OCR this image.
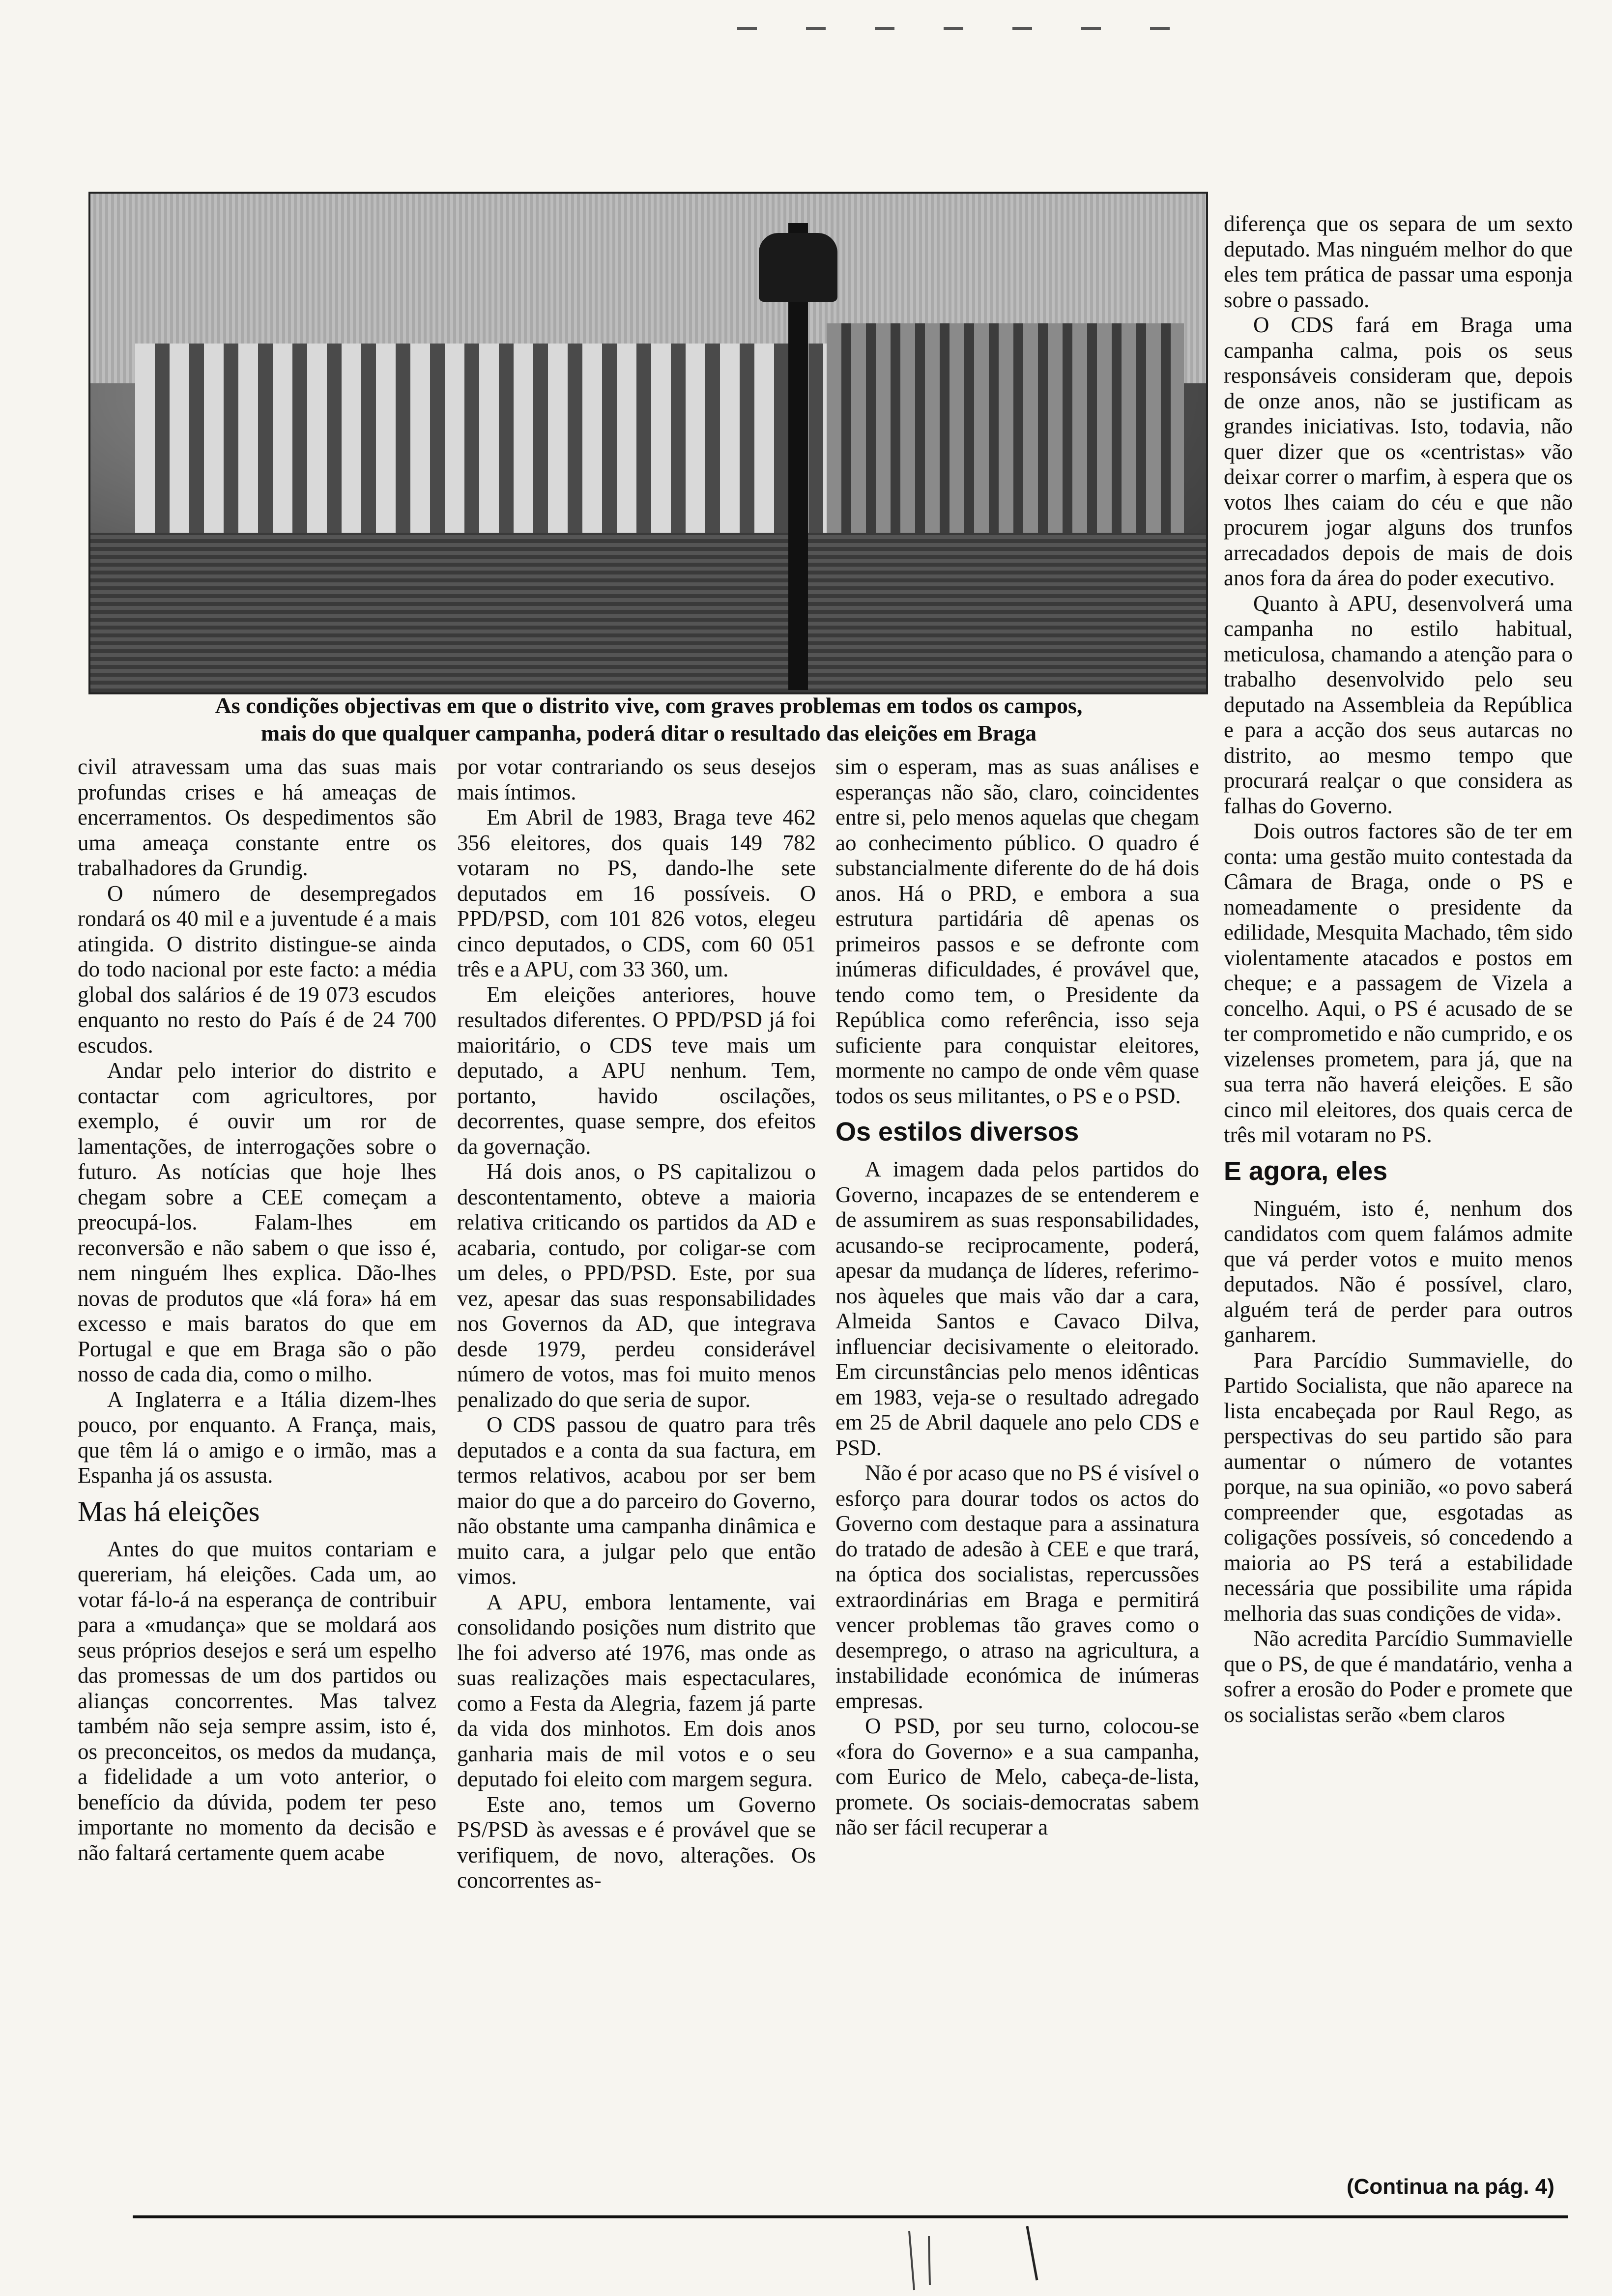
As condições objectivas em que o distrito vive, com graves problemas em todos os campos,
mais do que qualquer campanha, poderá ditar o resultado das eleições em Braga

civil atravessam uma das suas mais profundas crises e há ameaças de encerramentos. Os despedimentos são uma ameaça constante entre os trabalhadores da Grundig.

O número de desempregados rondará os 40 mil e a juventude é a mais atingida. O distrito distingue-se ainda do todo nacional por este facto: a média global dos salários é de 19 073 escudos enquanto no resto do País é de 24 700 escudos.

Andar pelo interior do distrito e contactar com agricultores, por exemplo, é ouvir um ror de lamentações, de interrogações sobre o futuro. As notícias que hoje lhes chegam sobre a CEE começam a preocupá-los. Falam-lhes em reconversão e não sabem o que isso é, nem ninguém lhes explica. Dão-lhes novas de produtos que «lá fora» há em excesso e mais baratos do que em Portugal e que em Braga são o pão nosso de cada dia, como o milho.

A Inglaterra e a Itália dizem-lhes pouco, por enquanto. A França, mais, que têm lá o amigo e o irmão, mas a Espanha já os assusta.

Mas há eleições

Antes do que muitos contariam e quereriam, há eleições. Cada um, ao votar fá-lo-á na esperança de contribuir para a «mudança» que se moldará aos seus próprios desejos e será um espelho das promessas de um dos partidos ou alianças concorrentes. Mas talvez também não seja sempre assim, isto é, os preconceitos, os medos da mudança, a fidelidade a um voto anterior, o benefício da dúvida, podem ter peso importante no momento da decisão e não faltará certamente quem acabe

por votar contrariando os seus desejos mais íntimos.

Em Abril de 1983, Braga teve 462 356 eleitores, dos quais 149 782 votaram no PS, dando-lhe sete deputados em 16 possíveis. O PPD/PSD, com 101 826 votos, elegeu cinco deputados, o CDS, com 60 051 três e a APU, com 33 360, um.

Em eleições anteriores, houve resultados diferentes. O PPD/PSD já foi maioritário, o CDS teve mais um deputado, a APU nenhum. Tem, portanto, havido oscilações, decorrentes, quase sempre, dos efeitos da governação.

Há dois anos, o PS capitalizou o descontentamento, obteve a maioria relativa criticando os partidos da AD e acabaria, contudo, por coligar-se com um deles, o PPD/PSD. Este, por sua vez, apesar das suas responsabilidades nos Governos da AD, que integrava desde 1979, perdeu considerável número de votos, mas foi muito menos penalizado do que seria de supor.

O CDS passou de quatro para três deputados e a conta da sua factura, em termos relativos, acabou por ser bem maior do que a do parceiro do Governo, não obstante uma campanha dinâmica e muito cara, a julgar pelo que então vimos.

A APU, embora lentamente, vai consolidando posições num distrito que lhe foi adverso até 1976, mas onde as suas realizações mais espectaculares, como a Festa da Alegria, fazem já parte da vida dos minhotos. Em dois anos ganharia mais de mil votos e o seu deputado foi eleito com margem segura.

Este ano, temos um Governo PS/PSD às avessas e é provável que se verifiquem, de novo, alterações. Os concorrentes as-

sim o esperam, mas as suas análises e esperanças não são, claro, coincidentes entre si, pelo menos aquelas que chegam ao conhecimento público. O quadro é substancialmente diferente do de há dois anos. Há o PRD, e embora a sua estrutura partidária dê apenas os primeiros passos e se defronte com inúmeras dificuldades, é provável que, tendo como tem, o Presidente da República como referência, isso seja suficiente para conquistar eleitores, mormente no campo de onde vêm quase todos os seus militantes, o PS e o PSD.

Os estilos diversos

A imagem dada pelos partidos do Governo, incapazes de se entenderem e de assumirem as suas responsabilidades, acusando-se reciprocamente, poderá, apesar da mudança de líderes, referimo-nos àqueles que mais vão dar a cara, Almeida Santos e Cavaco Dilva, influenciar decisivamente o eleitorado. Em circunstâncias pelo menos idênticas em 1983, veja-se o resultado adregado em 25 de Abril daquele ano pelo CDS e PSD.

Não é por acaso que no PS é visível o esforço para dourar todos os actos do Governo com destaque para a assinatura do tratado de adesão à CEE e que trará, na óptica dos socialistas, repercussões extraordinárias em Braga e permitirá vencer problemas tão graves como o desemprego, o atraso na agricultura, a instabilidade económica de inúmeras empresas.

O PSD, por seu turno, colocou-se «fora do Governo» e a sua campanha, com Eurico de Melo, cabeça-de-lista, promete. Os sociais-democratas sabem não ser fácil recuperar a

diferença que os separa de um sexto deputado. Mas ninguém melhor do que eles tem prática de passar uma esponja sobre o passado.

O CDS fará em Braga uma campanha calma, pois os seus responsáveis consideram que, depois de onze anos, não se justificam as grandes iniciativas. Isto, todavia, não quer dizer que os «centristas» vão deixar correr o marfim, à espera que os votos lhes caiam do céu e que não procurem jogar alguns dos trunfos arrecadados depois de mais de dois anos fora da área do poder executivo.

Quanto à APU, desenvolverá uma campanha no estilo habitual, meticulosa, chamando a atenção para o trabalho desenvolvido pelo seu deputado na Assembleia da República e para a acção dos seus autarcas no distrito, ao mesmo tempo que procurará realçar o que considera as falhas do Governo.

Dois outros factores são de ter em conta: uma gestão muito contestada da Câmara de Braga, onde o PS e nomeadamente o presidente da edilidade, Mesquita Machado, têm sido violentamente atacados e postos em cheque; e a passagem de Vizela a concelho. Aqui, o PS é acusado de se ter comprometido e não cumprido, e os vizelenses prometem, para já, que na sua terra não haverá eleições. E são cinco mil eleitores, dos quais cerca de três mil votaram no PS.

E agora, eles

Ninguém, isto é, nenhum dos candidatos com quem falámos admite que vá perder votos e muito menos deputados. Não é possível, claro, alguém terá de perder para outros ganharem.

Para Parcídio Summavielle, do Partido Socialista, que não aparece na lista encabeçada por Raul Rego, as perspectivas do seu partido são para aumentar o número de votantes porque, na sua opinião, «o povo saberá compreender que, esgotadas as coligações possíveis, só concedendo a maioria ao PS terá a estabilidade necessária que possibilite uma rápida melhoria das suas condições de vida».

Não acredita Parcídio Summavielle que o PS, de que é mandatário, venha a sofrer a erosão do Poder e promete que os socialistas serão «bem claros

(Continua na pág. 4)
